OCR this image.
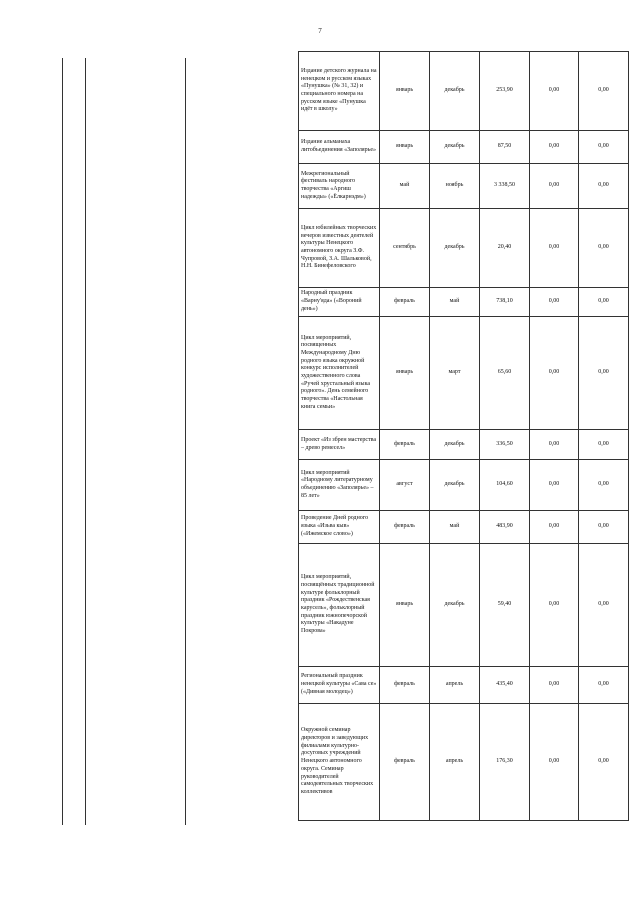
7
Издание детского журнала на ненецком и русском языках «Пунушка» (№ 31, 32) и специального номера на русском языке «Пунушка идёт в школу»	январь	декабрь	253,90	0,00	0,00
Издание альманаха литобъединения «Заполярье»	январь	декабрь	87,50	0,00	0,00
Межрегиональный фестиваль народного творчества «Аргиш надежды» («Ёлкарнэдм»)	май	ноябрь	3 338,50	0,00	0,00
Цикл юбилейных творческих вечеров известных деятелей культуры Ненецкого автономного округа З.Ф. Чупровой, З.А. Шальковой, Н.Н. Бинефеловского	сентябрь	декабрь	20,40	0,00	0,00
Народный праздник «Варну'яда» («Вороний день»)	февраль	май	738,10	0,00	0,00
Цикл мероприятий, посвященных Международному Дню родного языка окружной конкурс исполнителей художественного слова «Ручей хрустальный языка родного». День семейного творчества «Настольная книга семьи»	январь	март	65,60	0,00	0,00
Проект «Из збрен мастерства – древо ремесел»	февраль	декабрь	336,50	0,00	0,00
Цикл мероприятий «Народному литературному объединению «Заполярье» – 85 лет»	август	декабрь	104,60	0,00	0,00
Проведение Дней родного языка «Изьва кыв» («Ижемское слово»)	февраль	май	483,90	0,00	0,00
Цикл мероприятий, посвящённых традиционной культуре фольклорный праздник «Рождественская карусель», фольклорный праздник южнопечорской культуры «Накадуне Покрова»	январь	декабрь	59,40	0,00	0,00
Региональный праздник ненецкой культуры «Сава се» («Дивная молодец»)	февраль	апрель	435,40	0,00	0,00
Окружной семинар директоров и заведующих филиалами культурно-досуговых учреждений Ненецкого автономного округа. Семинар руководителей самодеятельных творческих коллективов	февраль	апрель	176,30	0,00	0,00
